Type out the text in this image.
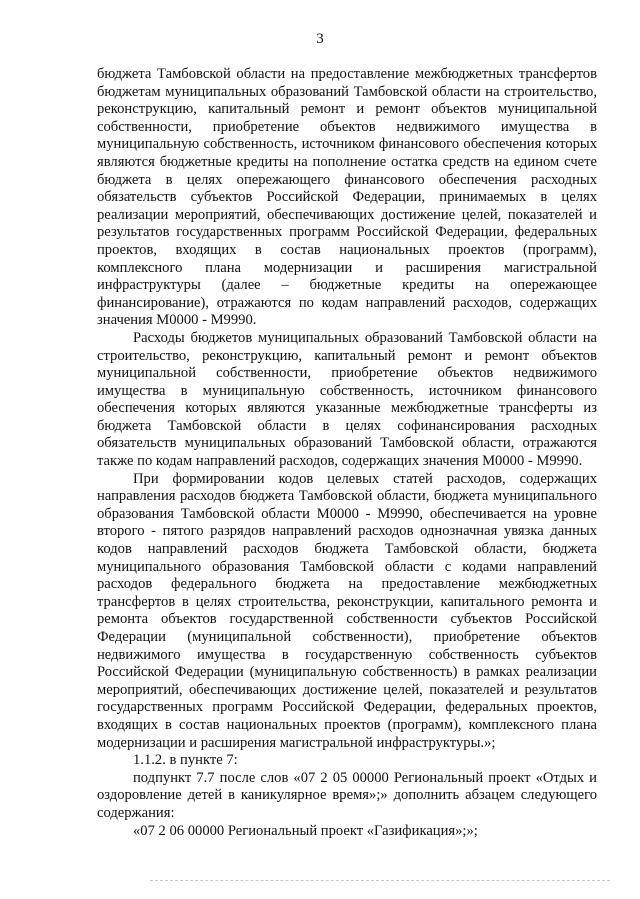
3

бюджета Тамбовской области на предоставление межбюджетных трансфертов бюджетам муниципальных образований Тамбовской области на строительство, реконструкцию, капитальный ремонт и ремонт объектов муниципальной собственности, приобретение объектов недвижимого имущества в муниципальную собственность, источником финансового обеспечения которых являются бюджетные кредиты на пополнение остатка средств на едином счете бюджета в целях опережающего финансового обеспечения расходных обязательств субъектов Российской Федерации, принимаемых в целях реализации мероприятий, обеспечивающих достижение целей, показателей и результатов государственных программ Российской Федерации, федеральных проектов, входящих в состав национальных проектов (программ), комплексного плана модернизации и расширения магистральной инфраструктуры (далее – бюджетные кредиты на опережающее финансирование), отражаются по кодам направлений расходов, содержащих значения M0000 - M9990.

Расходы бюджетов муниципальных образований Тамбовской области на строительство, реконструкцию, капитальный ремонт и ремонт объектов муниципальной собственности, приобретение объектов недвижимого имущества в муниципальную собственность, источником финансового обеспечения которых являются указанные межбюджетные трансферты из бюджета Тамбовской области в целях софинансирования расходных обязательств муниципальных образований Тамбовской области, отражаются также по кодам направлений расходов, содержащих значения M0000 - M9990.

При формировании кодов целевых статей расходов, содержащих направления расходов бюджета Тамбовской области, бюджета муниципального образования Тамбовской области M0000 - M9990, обеспечивается на уровне второго - пятого разрядов направлений расходов однозначная увязка данных кодов направлений расходов бюджета Тамбовской области, бюджета муниципального образования Тамбовской области с кодами направлений расходов федерального бюджета на предоставление межбюджетных трансфертов в целях строительства, реконструкции, капитального ремонта и ремонта объектов государственной собственности субъектов Российской Федерации (муниципальной собственности), приобретение объектов недвижимого имущества в государственную собственность субъектов Российской Федерации (муниципальную собственность) в рамках реализации мероприятий, обеспечивающих достижение целей, показателей и результатов государственных программ Российской Федерации, федеральных проектов, входящих в состав национальных проектов (программ), комплексного плана модернизации и расширения магистральной инфраструктуры.»;

1.1.2. в пункте 7:

подпункт 7.7 после слов «07 2 05 00000 Региональный проект «Отдых и оздоровление детей в каникулярное время»;» дополнить абзацем следующего содержания:

«07 2 06 00000 Региональный проект «Газификация»;»;
